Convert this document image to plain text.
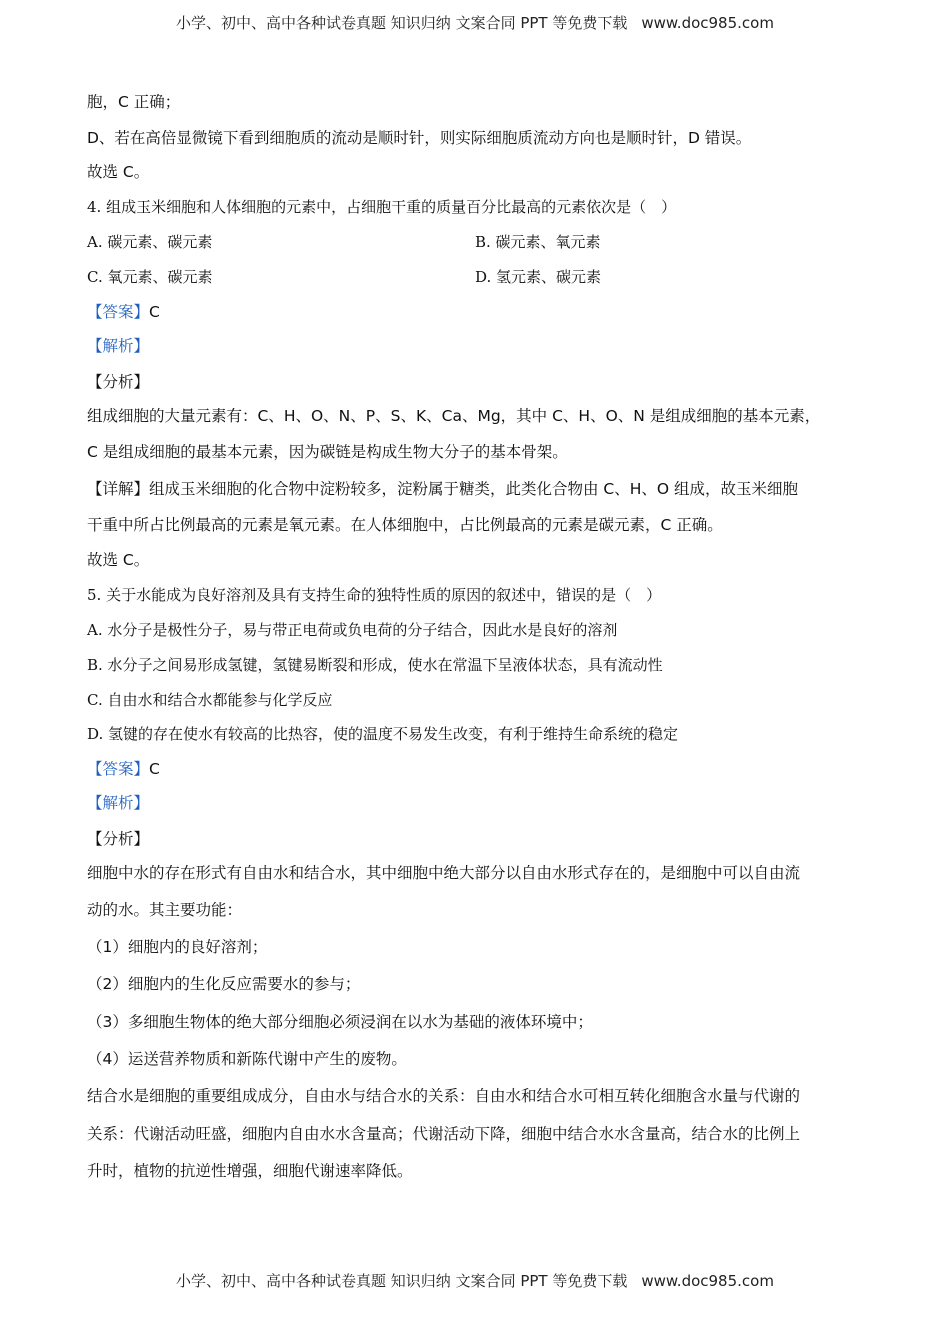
小学、初中、高中各种试卷真题 知识归纳 文案合同 PPT 等免费下载 www.doc985.com
胞，C 正确；
D、若在高倍显微镜下看到细胞质的流动是顺时针，则实际细胞质流动方向也是顺时针，D 错误。
故选 C。
4. 组成玉米细胞和人体细胞的元素中，占细胞干重的质量百分比最高的元素依次是（　）
A. 碳元素、碳元素	B. 碳元素、氧元素
C. 氧元素、碳元素	D. 氢元素、碳元素
【答案】C
【解析】
【分析】
组成细胞的大量元素有：C、H、O、N、P、S、K、Ca、Mg，其中 C、H、O、N 是组成细胞的基本元素，
C 是组成细胞的最基本元素，因为碳链是构成生物大分子的基本骨架。
【详解】组成玉米细胞的化合物中淀粉较多，淀粉属于糖类，此类化合物由 C、H、O 组成，故玉米细胞
干重中所占比例最高的元素是氧元素。在人体细胞中，占比例最高的元素是碳元素，C 正确。
故选 C。
5. 关于水能成为良好溶剂及具有支持生命的独特性质的原因的叙述中，错误的是（　）
A. 水分子是极性分子，易与带正电荷或负电荷的分子结合，因此水是良好的溶剂
B. 水分子之间易形成氢键，氢键易断裂和形成，使水在常温下呈液体状态，具有流动性
C. 自由水和结合水都能参与化学反应
D. 氢键的存在使水有较高的比热容，使的温度不易发生改变，有利于维持生命系统的稳定
【答案】C
【解析】
【分析】
细胞中水的存在形式有自由水和结合水，其中细胞中绝大部分以自由水形式存在的，是细胞中可以自由流
动的水。其主要功能：
（1）细胞内的良好溶剂；
（2）细胞内的生化反应需要水的参与；
（3）多细胞生物体的绝大部分细胞必须浸润在以水为基础的液体环境中；
（4）运送营养物质和新陈代谢中产生的废物。
结合水是细胞的重要组成成分，自由水与结合水的关系：自由水和结合水可相互转化细胞含水量与代谢的
关系：代谢活动旺盛，细胞内自由水水含量高；代谢活动下降，细胞中结合水水含量高，结合水的比例上
升时，植物的抗逆性增强，细胞代谢速率降低。
小学、初中、高中各种试卷真题 知识归纳 文案合同 PPT 等免费下载 www.doc985.com
